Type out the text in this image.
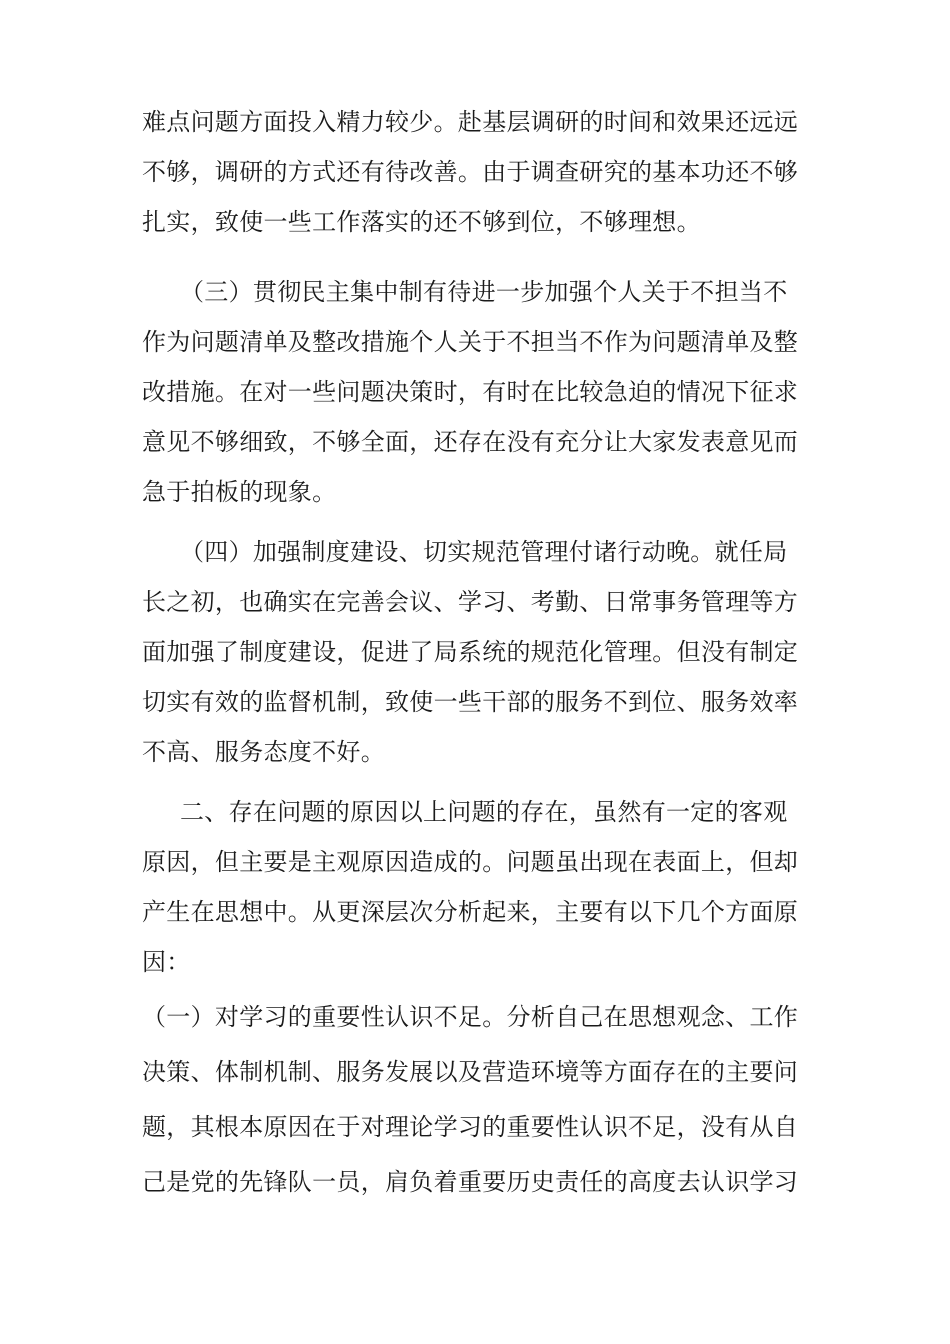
难点问题方面投入精力较少。赴基层调研的时间和效果还远远
不够，调研的方式还有待改善。由于调查研究的基本功还不够
扎实，致使一些工作落实的还不够到位，不够理想。
（三）贯彻民主集中制有待进一步加强个人关于不担当不
作为问题清单及整改措施个人关于不担当不作为问题清单及整
改措施。在对一些问题决策时，有时在比较急迫的情况下征求
意见不够细致，不够全面，还存在没有充分让大家发表意见而
急于拍板的现象。
（四）加强制度建设、切实规范管理付诸行动晚。就任局
长之初，也确实在完善会议、学习、考勤、日常事务管理等方
面加强了制度建设，促进了局系统的规范化管理。但没有制定
切实有效的监督机制，致使一些干部的服务不到位、服务效率
不高、服务态度不好。
二、存在问题的原因以上问题的存在，虽然有一定的客观
原因，但主要是主观原因造成的。问题虽出现在表面上，但却
产生在思想中。从更深层次分析起来，主要有以下几个方面原
因：
（一）对学习的重要性认识不足。分析自己在思想观念、工作
决策、体制机制、服务发展以及营造环境等方面存在的主要问
题，其根本原因在于对理论学习的重要性认识不足，没有从自
己是党的先锋队一员，肩负着重要历史责任的高度去认识学习
